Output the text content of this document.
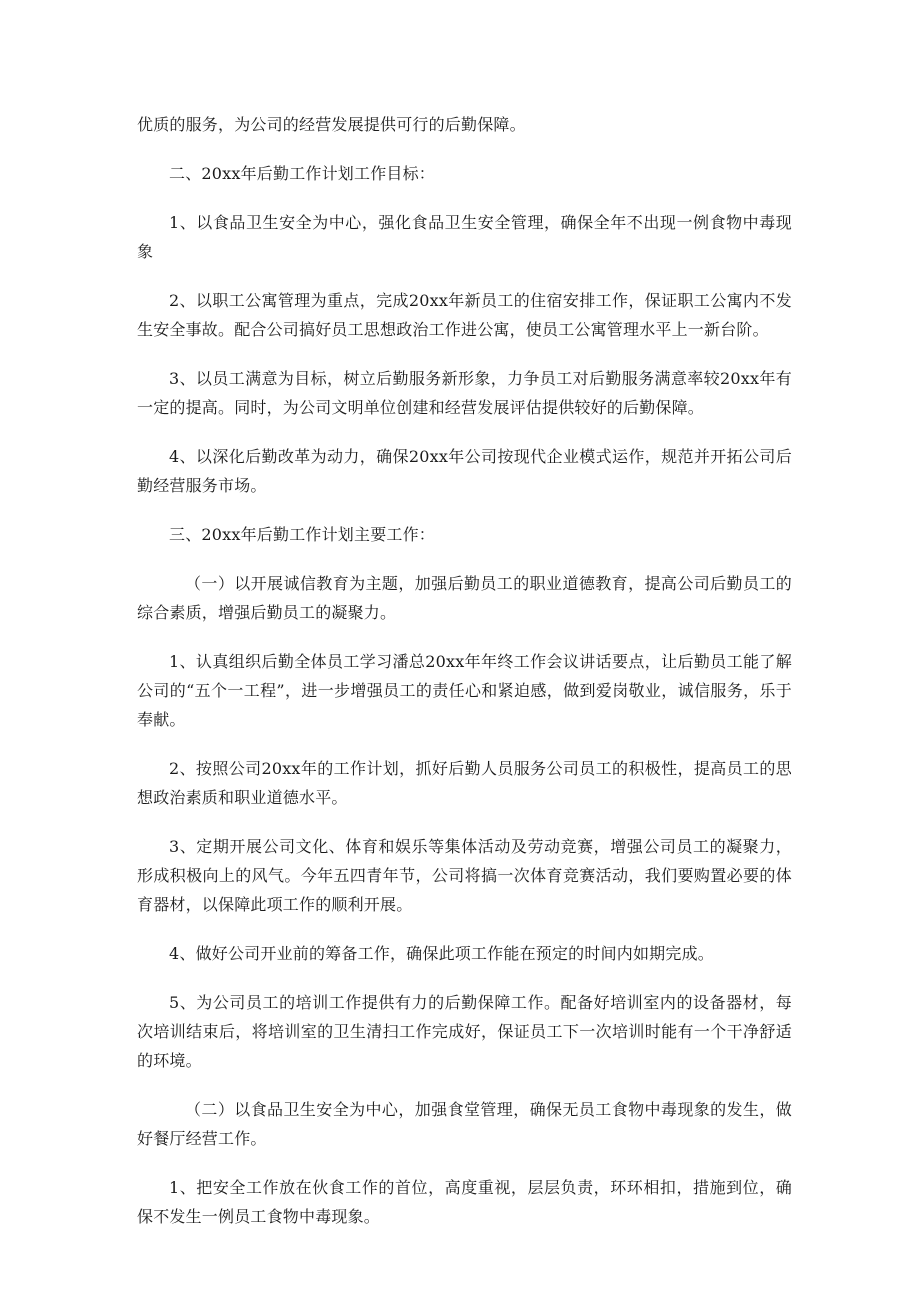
优质的服务，为公司的经营发展提供可行的后勤保障。

二、20xx年后勤工作计划工作目标：

1、以食品卫生安全为中心，强化食品卫生安全管理，确保全年不出现一例食物中毒现象

2、以职工公寓管理为重点，完成20xx年新员工的住宿安排工作，保证职工公寓内不发生安全事故。配合公司搞好员工思想政治工作进公寓，使员工公寓管理水平上一新台阶。

3、以员工满意为目标，树立后勤服务新形象，力争员工对后勤服务满意率较20xx年有一定的提高。同时，为公司文明单位创建和经营发展评估提供较好的后勤保障。

4、以深化后勤改革为动力，确保20xx年公司按现代企业模式运作，规范并开拓公司后勤经营服务市场。

三、20xx年后勤工作计划主要工作：

（一）以开展诚信教育为主题，加强后勤员工的职业道德教育，提高公司后勤员工的综合素质，增强后勤员工的凝聚力。

1、认真组织后勤全体员工学习潘总20xx年年终工作会议讲话要点，让后勤员工能了解公司的“五个一工程”，进一步增强员工的责任心和紧迫感，做到爱岗敬业，诚信服务，乐于奉献。

2、按照公司20xx年的工作计划，抓好后勤人员服务公司员工的积极性，提高员工的思想政治素质和职业道德水平。

3、定期开展公司文化、体育和娱乐等集体活动及劳动竞赛，增强公司员工的凝聚力，形成积极向上的风气。今年五四青年节，公司将搞一次体育竞赛活动，我们要购置必要的体育器材，以保障此项工作的顺利开展。

4、做好公司开业前的筹备工作，确保此项工作能在预定的时间内如期完成。

5、为公司员工的培训工作提供有力的后勤保障工作。配备好培训室内的设备器材，每次培训结束后，将培训室的卫生清扫工作完成好，保证员工下一次培训时能有一个干净舒适的环境。

（二）以食品卫生安全为中心，加强食堂管理，确保无员工食物中毒现象的发生，做好餐厅经营工作。

1、把安全工作放在伙食工作的首位，高度重视，层层负责，环环相扣，措施到位，确保不发生一例员工食物中毒现象。
